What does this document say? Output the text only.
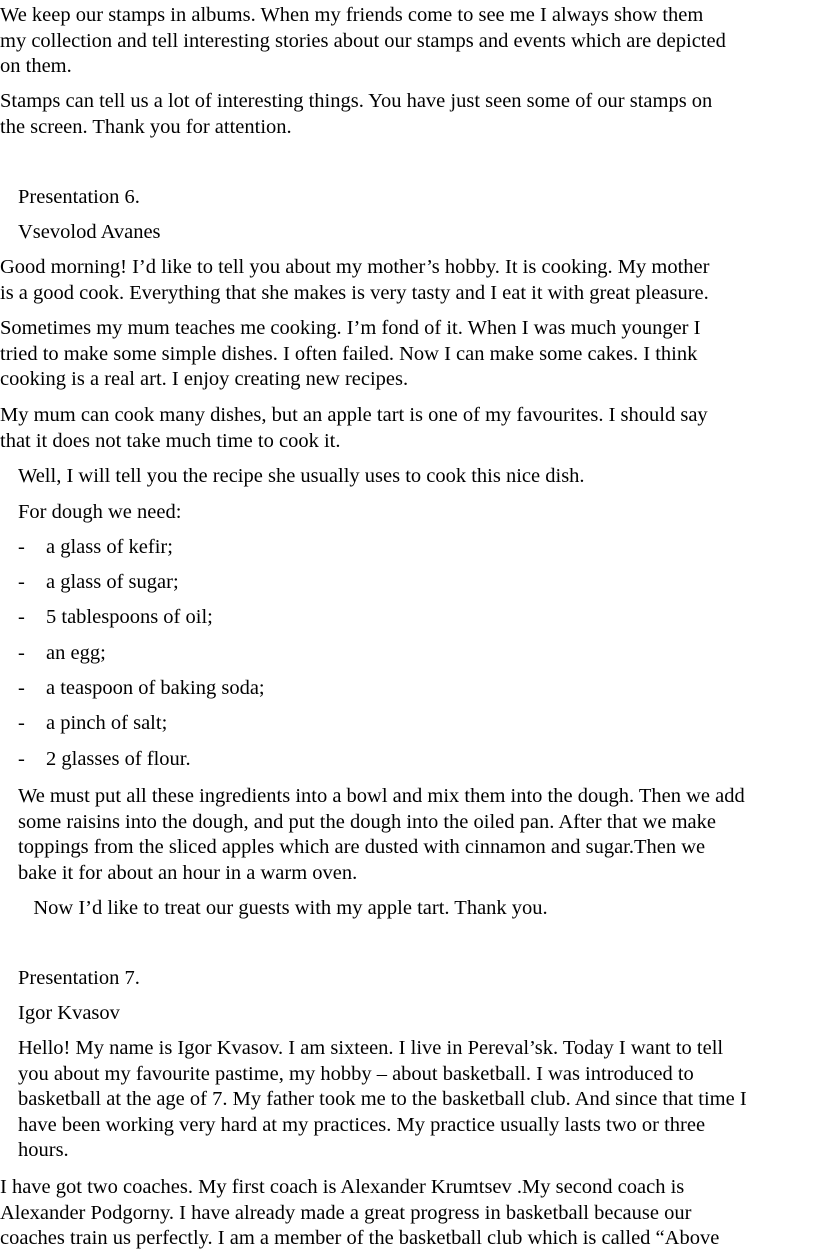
We keep our stamps in albums. When my friends come to see me I always show them
my collection and tell interesting stories about our stamps and events which are depicted
on them.
Stamps can tell us a lot of interesting things. You have just seen some of our stamps on
the screen. Thank you for attention.

Presentation 6.

Vsevolod Avanes

Good morning! I’d like to tell you about my mother’s hobby. It is cooking. My mother
is a good cook. Everything that she makes is very tasty and I eat it with great pleasure.
Sometimes my mum teaches me cooking. I’m fond of it. When I was much younger I
tried to make some simple dishes. I often failed. Now I can make some cakes. I think
cooking is a real art. I enjoy creating new recipes.
My mum can cook many dishes, but an apple tart is one of my favourites. I should say
that it does not take much time to cook it.

Well, I will tell you the recipe she usually uses to cook this nice dish.

For dough we need:

- a glass of kefir;
- a glass of sugar;
- 5 tablespoons of oil;
- an egg;
- a teaspoon of baking soda;
- a pinch of salt;
- 2 glasses of flour.
We must put all these ingredients into a bowl and mix them into the dough. Then we add
some raisins into the dough, and put the dough into the oiled pan. After that we make
toppings from the sliced apples which are dusted with cinnamon and sugar.Then we
bake it for about an hour in a warm oven.

Now I’d like to treat our guests with my apple tart. Thank you.

Presentation 7.

Igor Kvasov

Hello! My name is Igor Kvasov. I am sixteen. I live in Pereval’sk. Today I want to tell
you about my favourite pastime, my hobby – about basketball. I was introduced to
basketball at the age of 7. My father took me to the basketball club. And since that time I
have been working very hard at my practices. My practice usually lasts two or three
hours.
I have got two coaches. My first coach is Alexander Krumtsev .My second coach is
Alexander Podgorny. I have already made a great progress in basketball because our
coaches train us perfectly. I am a member of the basketball club which is called “Above
